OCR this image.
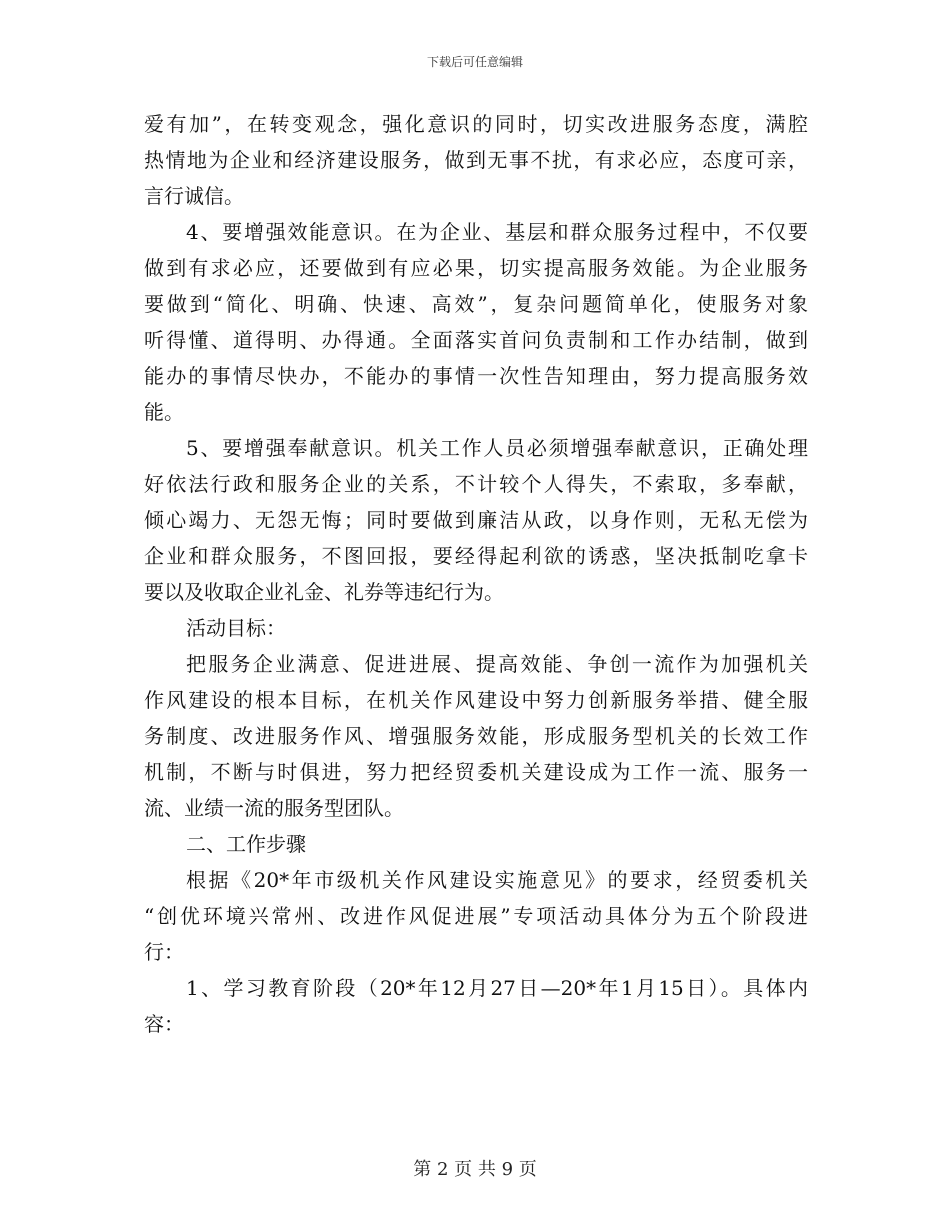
下载后可任意编辑
爱有加”，在转变观念，强化意识的同时，切实改进服务态度，满腔
热情地为企业和经济建设服务，做到无事不扰，有求必应，态度可亲，
言行诚信。
4、要增强效能意识。在为企业、基层和群众服务过程中，不仅要
做到有求必应，还要做到有应必果，切实提高服务效能。为企业服务
要做到“简化、明确、快速、高效”，复杂问题简单化，使服务对象
听得懂、道得明、办得通。全面落实首问负责制和工作办结制，做到
能办的事情尽快办，不能办的事情一次性告知理由，努力提高服务效
能。
5、要增强奉献意识。机关工作人员必须增强奉献意识，正确处理
好依法行政和服务企业的关系，不计较个人得失，不索取，多奉献，
倾心竭力、无怨无悔；同时要做到廉洁从政，以身作则，无私无偿为
企业和群众服务，不图回报，要经得起利欲的诱惑，坚决抵制吃拿卡
要以及收取企业礼金、礼券等违纪行为。
活动目标：
把服务企业满意、促进进展、提高效能、争创一流作为加强机关
作风建设的根本目标，在机关作风建设中努力创新服务举措、健全服
务制度、改进服务作风、增强服务效能，形成服务型机关的长效工作
机制，不断与时俱进，努力把经贸委机关建设成为工作一流、服务一
流、业绩一流的服务型团队。
二、工作步骤
根据《20*年市级机关作风建设实施意见》的要求，经贸委机关
“创优环境兴常州、改进作风促进展”专项活动具体分为五个阶段进
行：
1、学习教育阶段（20*年12月27日—20*年1月15日）。具体内
容：
第 2 页 共 9 页
